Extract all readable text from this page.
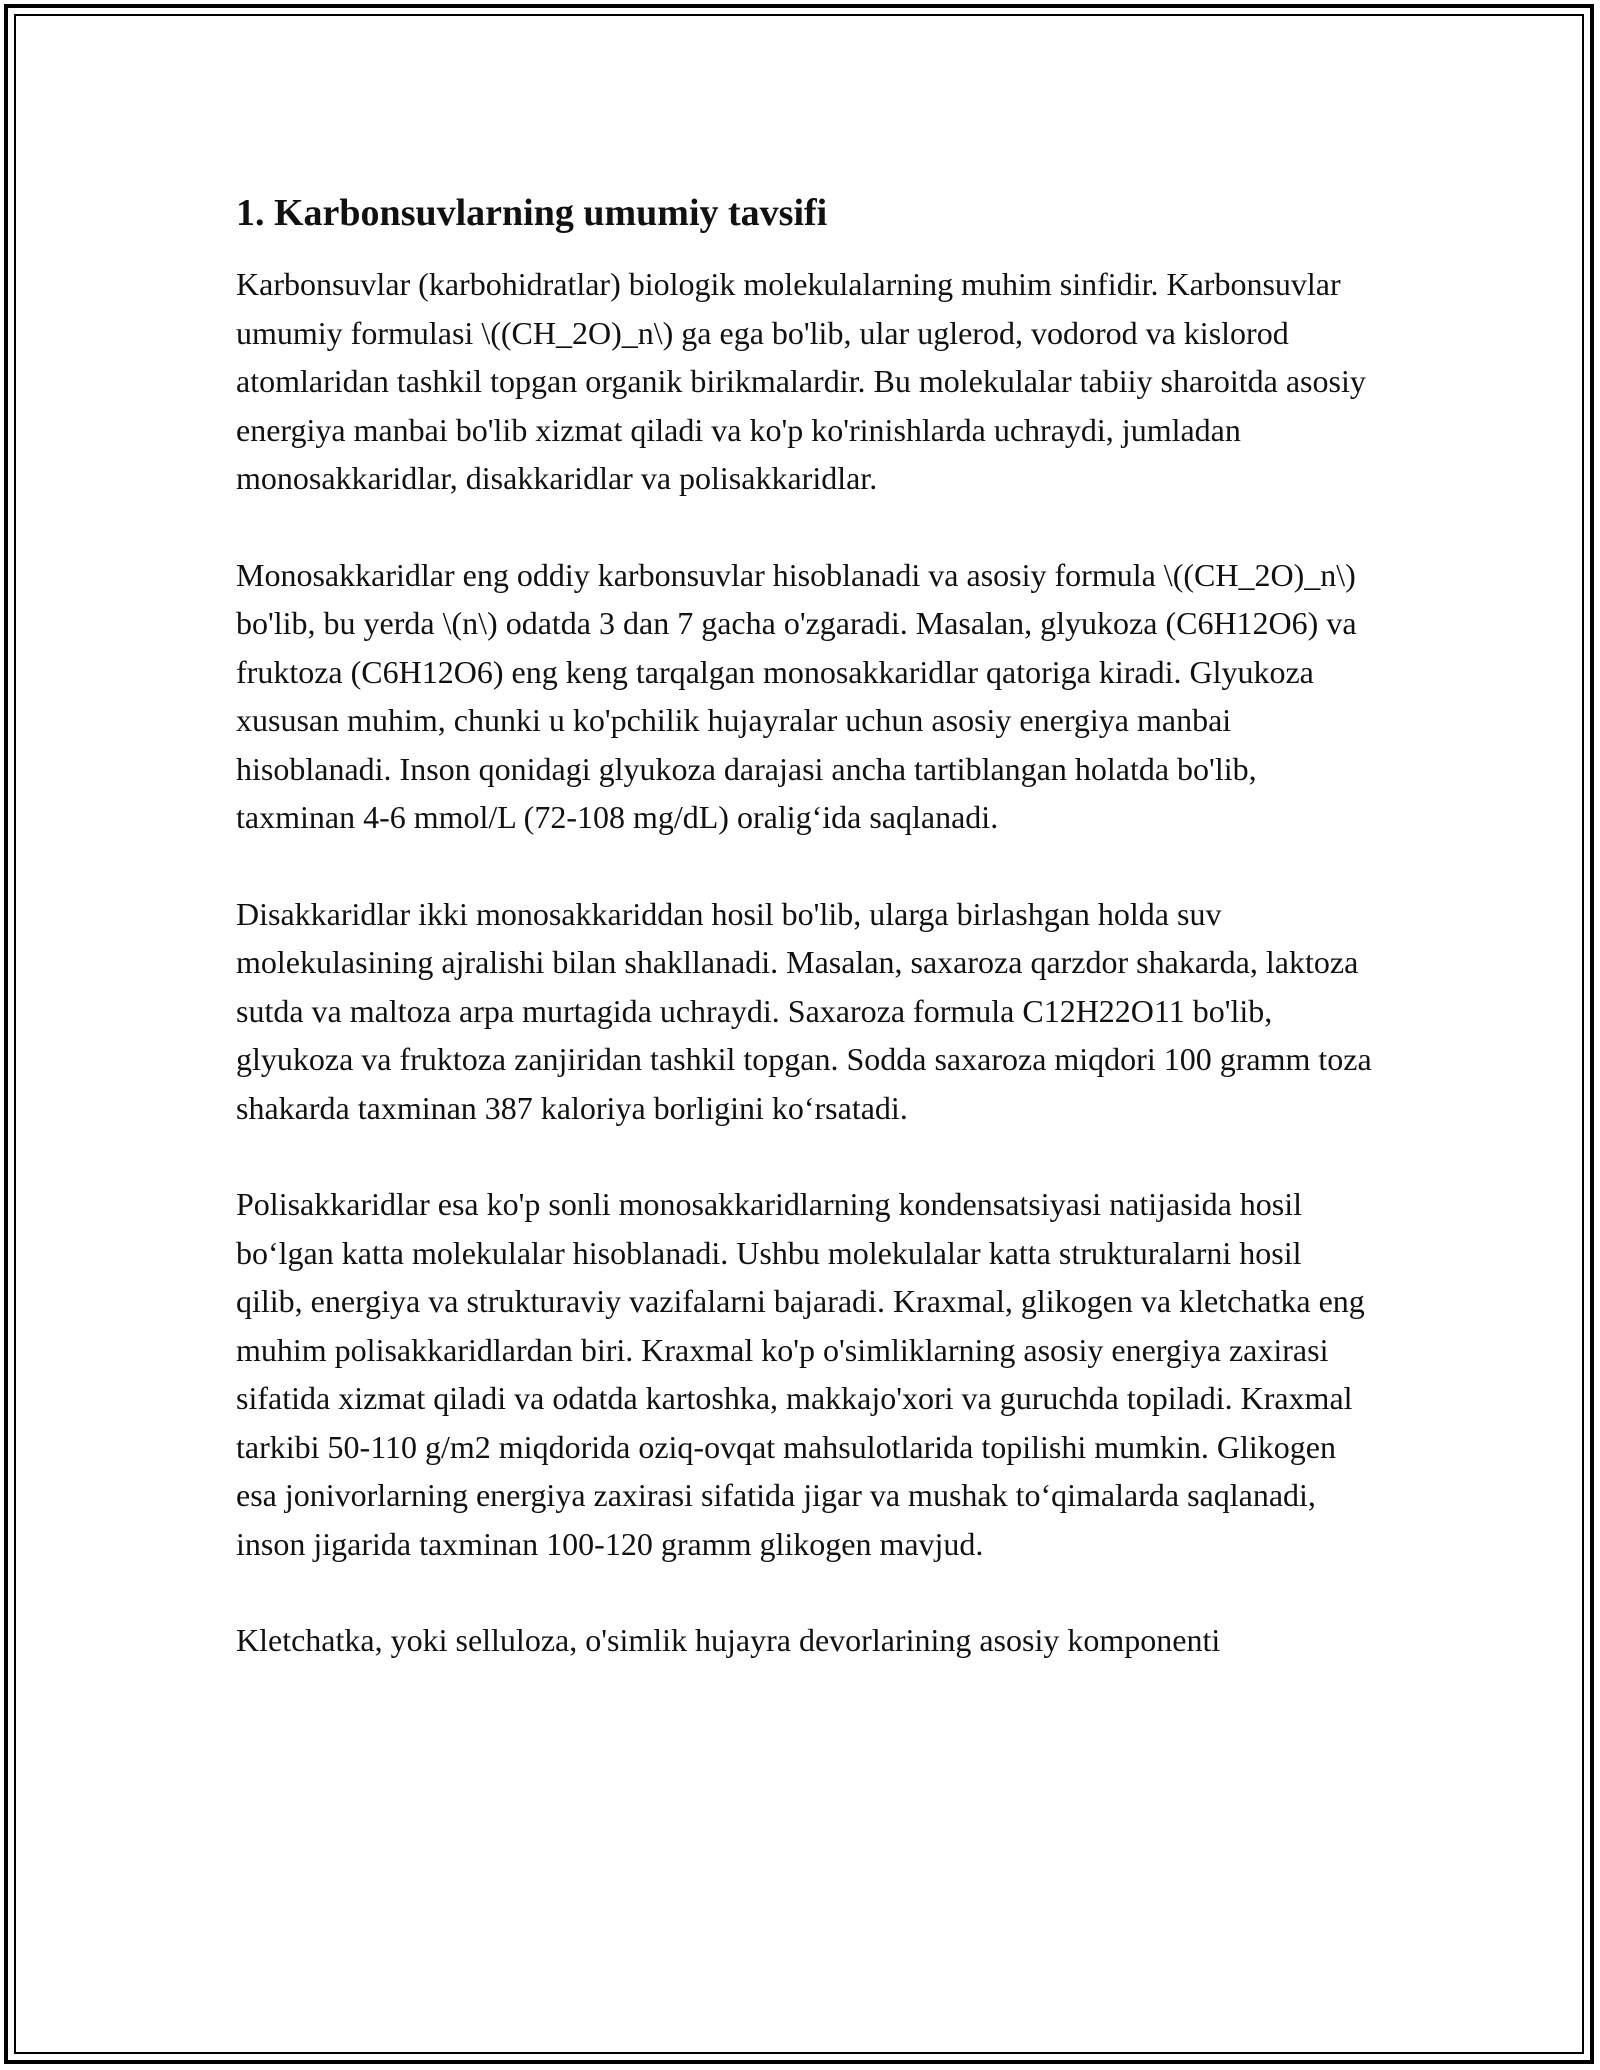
1. Karbonsuvlarning umumiy tavsifi

Karbonsuvlar (karbohidratlar) biologik molekulalarning muhim sinfidir. Karbonsuvlar umumiy formulasi \((CH_2O)_n\) ga ega bo'lib, ular uglerod, vodorod va kislorod atomlaridan tashkil topgan organik birikmalardir. Bu molekulalar tabiiy sharoitda asosiy energiya manbai bo'lib xizmat qiladi va ko'p ko'rinishlarda uchraydi, jumladan monosakkaridlar, disakkaridlar va polisakkaridlar.

Monosakkaridlar eng oddiy karbonsuvlar hisoblanadi va asosiy formula \((CH_2O)_n\) bo'lib, bu yerda \(n\) odatda 3 dan 7 gacha o'zgaradi. Masalan, glyukoza (C6H12O6) va fruktoza (C6H12O6) eng keng tarqalgan monosakkaridlar qatoriga kiradi. Glyukoza xususan muhim, chunki u ko'pchilik hujayralar uchun asosiy energiya manbai hisoblanadi. Inson qonidagi glyukoza darajasi ancha tartiblangan holatda bo'lib, taxminan 4-6 mmol/L (72-108 mg/dL) oralig‘ida saqlanadi.

Disakkaridlar ikki monosakkariddan hosil bo'lib, ularga birlashgan holda suv molekulasining ajralishi bilan shakllanadi. Masalan, saxaroza qarzdor shakarda, laktoza sutda va maltoza arpa murtagida uchraydi. Saxaroza formula C12H22O11 bo'lib, glyukoza va fruktoza zanjiridan tashkil topgan. Sodda saxaroza miqdori 100 gramm toza shakarda taxminan 387 kaloriya borligini ko‘rsatadi.

Polisakkaridlar esa ko'p sonli monosakkaridlarning kondensatsiyasi natijasida hosil bo‘lgan katta molekulalar hisoblanadi. Ushbu molekulalar katta strukturalarni hosil qilib, energiya va strukturaviy vazifalarni bajaradi. Kraxmal, glikogen va kletchatka eng muhim polisakkaridlardan biri. Kraxmal ko'p o'simliklarning asosiy energiya zaxirasi sifatida xizmat qiladi va odatda kartoshka, makkajo'xori va guruchda topiladi. Kraxmal tarkibi 50-110 g/m2 miqdorida oziq-ovqat mahsulotlarida topilishi mumkin. Glikogen esa jonivorlarning energiya zaxirasi sifatida jigar va mushak to‘qimalarda saqlanadi, inson jigarida taxminan 100-120 gramm glikogen mavjud.

Kletchatka, yoki selluloza, o'simlik hujayra devorlarining asosiy komponenti
